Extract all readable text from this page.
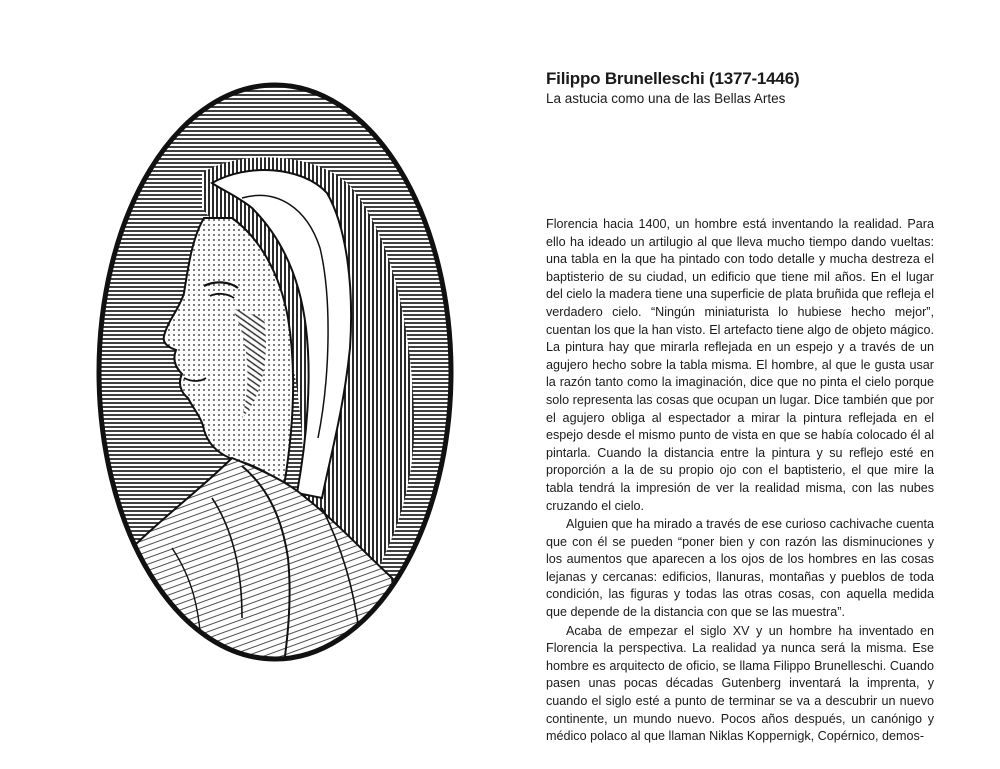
Filippo Brunelleschi (1377-1446)
La astucia como una de las Bellas Artes

Florencia hacia 1400, un hombre está inventando la realidad. Para ello ha ideado un artilugio al que lleva mucho tiempo dando vueltas: una tabla en la que ha pintado con todo detalle y mucha destreza el baptisterio de su ciudad, un edificio que tiene mil años. En el lugar del cielo la madera tiene una superficie de plata bruñida que refleja el verdadero cielo. “Ningún miniaturista lo hubiese hecho mejor”, cuentan los que la han visto. El artefacto tiene algo de objeto mágico. La pintura hay que mirarla reflejada en un espejo y a través de un agujero hecho sobre la tabla misma. El hombre, al que le gusta usar la razón tanto como la imaginación, dice que no pinta el cielo porque solo representa las cosas que ocupan un lugar. Dice también que por el agujero obliga al espectador a mirar la pintura reflejada en el espejo desde el mismo punto de vista en que se había colocado él al pintarla. Cuando la distancia entre la pintura y su reflejo esté en proporción a la de su propio ojo con el baptisterio, el que mire la tabla tendrá la impresión de ver la realidad misma, con las nubes cruzando el cielo.

Alguien que ha mirado a través de ese curioso cachivache cuenta que con él se pueden “poner bien y con razón las disminuciones y los aumentos que aparecen a los ojos de los hombres en las cosas lejanas y cercanas: edificios, llanuras, montañas y pueblos de toda condición, las figuras y todas las otras cosas, con aquella medida que depende de la distancia con que se las muestra”.

Acaba de empezar el siglo XV y un hombre ha inventado en Florencia la perspectiva. La realidad ya nunca será la misma. Ese hombre es arquitecto de oficio, se llama Filippo Brunelleschi. Cuando pasen unas pocas décadas Gutenberg inventará la imprenta, y cuando el siglo esté a punto de terminar se va a descubrir un nuevo continente, un mundo nuevo. Pocos años después, un canónigo y médico polaco al que llaman Niklas Koppernigk, Copérnico, demos-
